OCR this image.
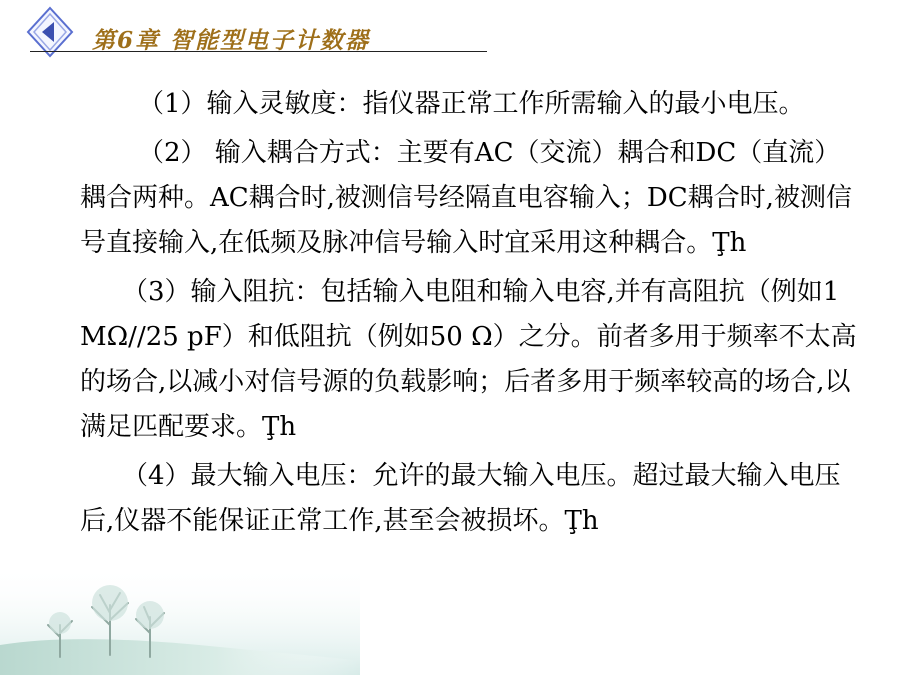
第6章 智能型电子计数器

（1）输入灵敏度：指仪器正常工作所需输入的最小电压。

（2） 输入耦合方式：主要有AC（交流）耦合和DC（直流）耦合两种。AC耦合时,被测信号经隔直电容输入；DC耦合时,被测信号直接输入,在低频及脉冲信号输入时宜采用这种耦合。Ţh

（3）输入阻抗：包括输入电阻和输入电容,并有高阻抗（例如1 MΩ//25 pF）和低阻抗（例如50 Ω）之分。前者多用于频率不太高的场合,以减小对信号源的负载影响；后者多用于频率较高的场合,以满足匹配要求。Ţh

（4）最大输入电压：允许的最大输入电压。超过最大输入电压后,仪器不能保证正常工作,甚至会被损坏。Ţh
